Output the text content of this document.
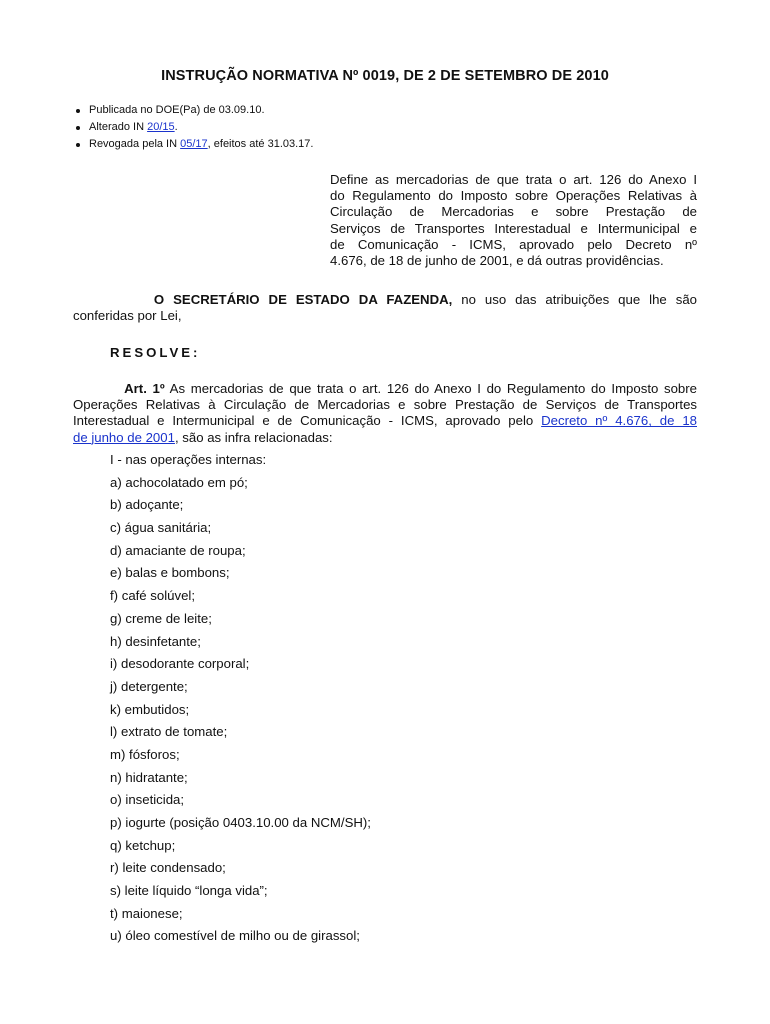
INSTRUÇÃO NORMATIVA Nº 0019, DE 2 DE SETEMBRO DE 2010
Publicada no DOE(Pa) de 03.09.10.
Alterado IN 20/15.
Revogada pela IN 05/17, efeitos até 31.03.17.
Define as mercadorias de que trata o art. 126 do Anexo I
do Regulamento do Imposto sobre Operações Relativas à
Circulação de Mercadorias e sobre Prestação de
Serviços de Transportes Interestadual e Intermunicipal e
de Comunicação - ICMS, aprovado pelo Decreto nº
4.676, de 18 de junho de 2001, e dá outras providências.
O SECRETÁRIO DE ESTADO DA FAZENDA, no uso das atribuições que lhe são
conferidas por Lei,
RESOLVE:
Art. 1º As mercadorias de que trata o art. 126 do Anexo I do Regulamento do Imposto sobre
Operações Relativas à Circulação de Mercadorias e sobre Prestação de Serviços de Transportes
Interestadual e Intermunicipal e de Comunicação - ICMS, aprovado pelo Decreto nº 4.676, de 18
de junho de 2001, são as infra relacionadas:
I - nas operações internas:
a) achocolatado em pó;
b) adoçante;
c) água sanitária;
d) amaciante de roupa;
e) balas e bombons;
f) café solúvel;
g) creme de leite;
h) desinfetante;
i) desodorante corporal;
j) detergente;
k) embutidos;
l) extrato de tomate;
m) fósforos;
n) hidratante;
o) inseticida;
p) iogurte (posição 0403.10.00 da NCM/SH);
q) ketchup;
r) leite condensado;
s) leite líquido “longa vida”;
t) maionese;
u) óleo comestível de milho ou de girassol;
